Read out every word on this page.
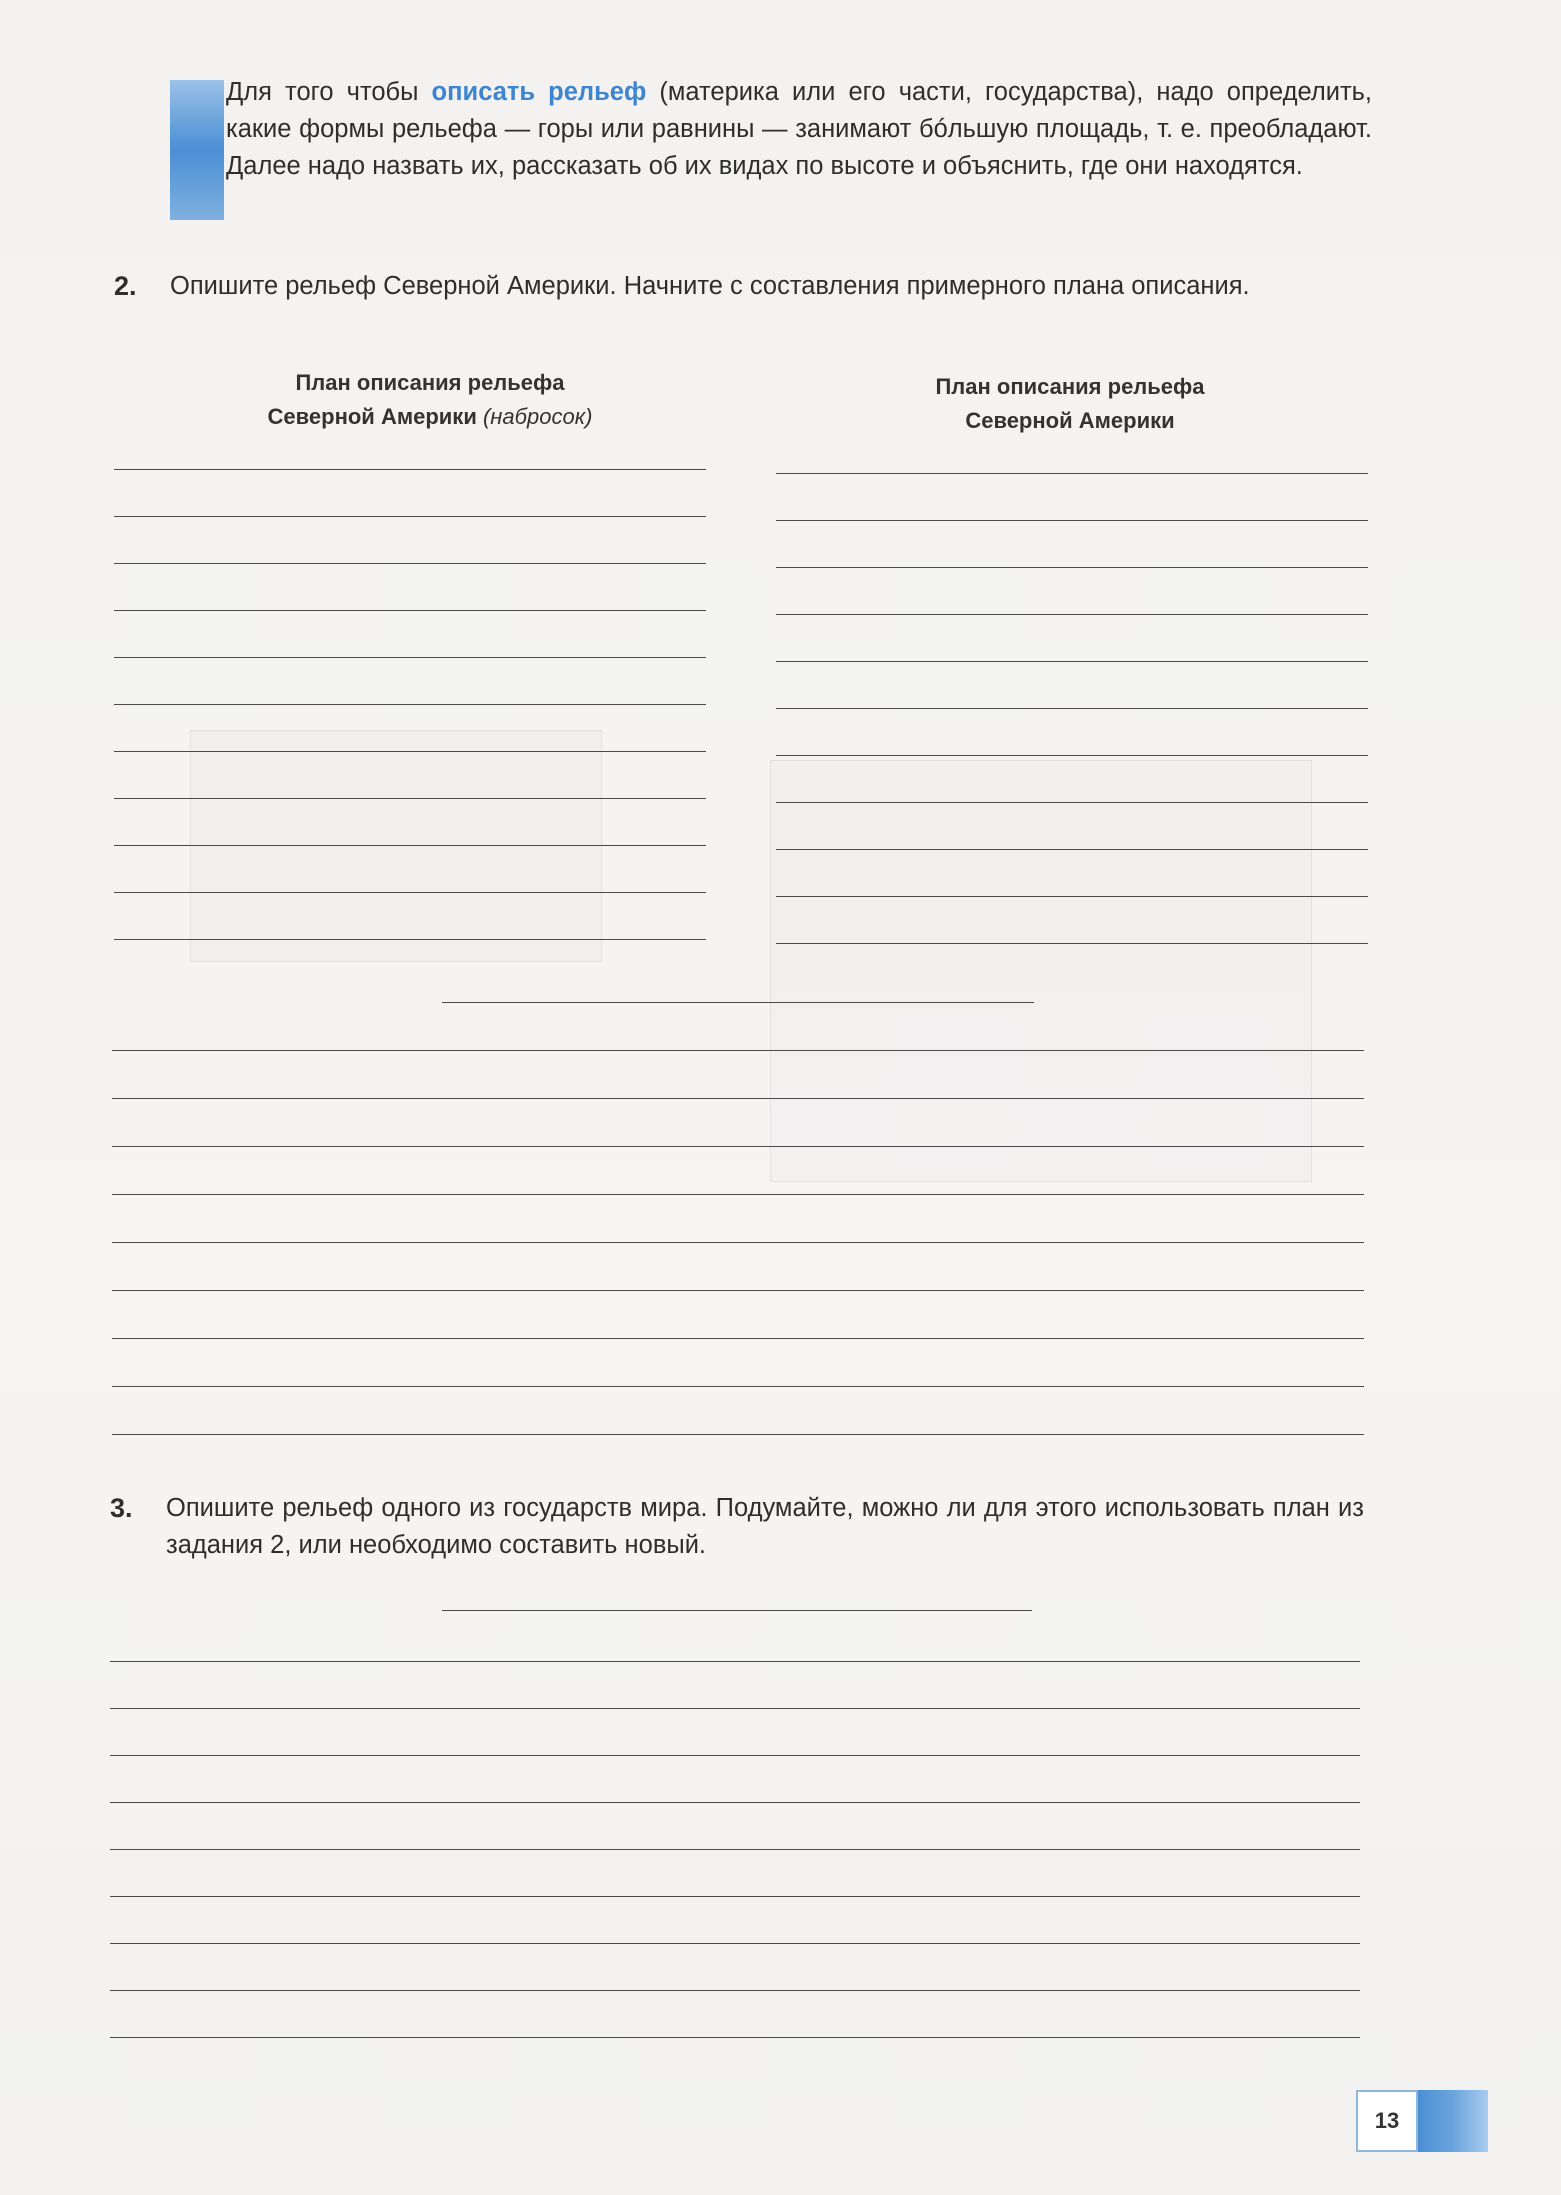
Для того чтобы описать рельеф (материка или его части, государства), надо определить, какие формы рельефа — горы или равнины — занимают бóльшую площадь, т. е. преобладают. Далее надо назвать их, рассказать об их видах по высоте и объяснить, где они находятся.
2. Опишите рельеф Северной Америки. Начните с составления примерного плана описания.
План описания рельефа
Северной Америки (набросок)
План описания рельефа
Северной Америки
3. Опишите рельеф одного из государств мира. Подумайте, можно ли для этого использовать план из задания 2, или необходимо составить новый.
13
